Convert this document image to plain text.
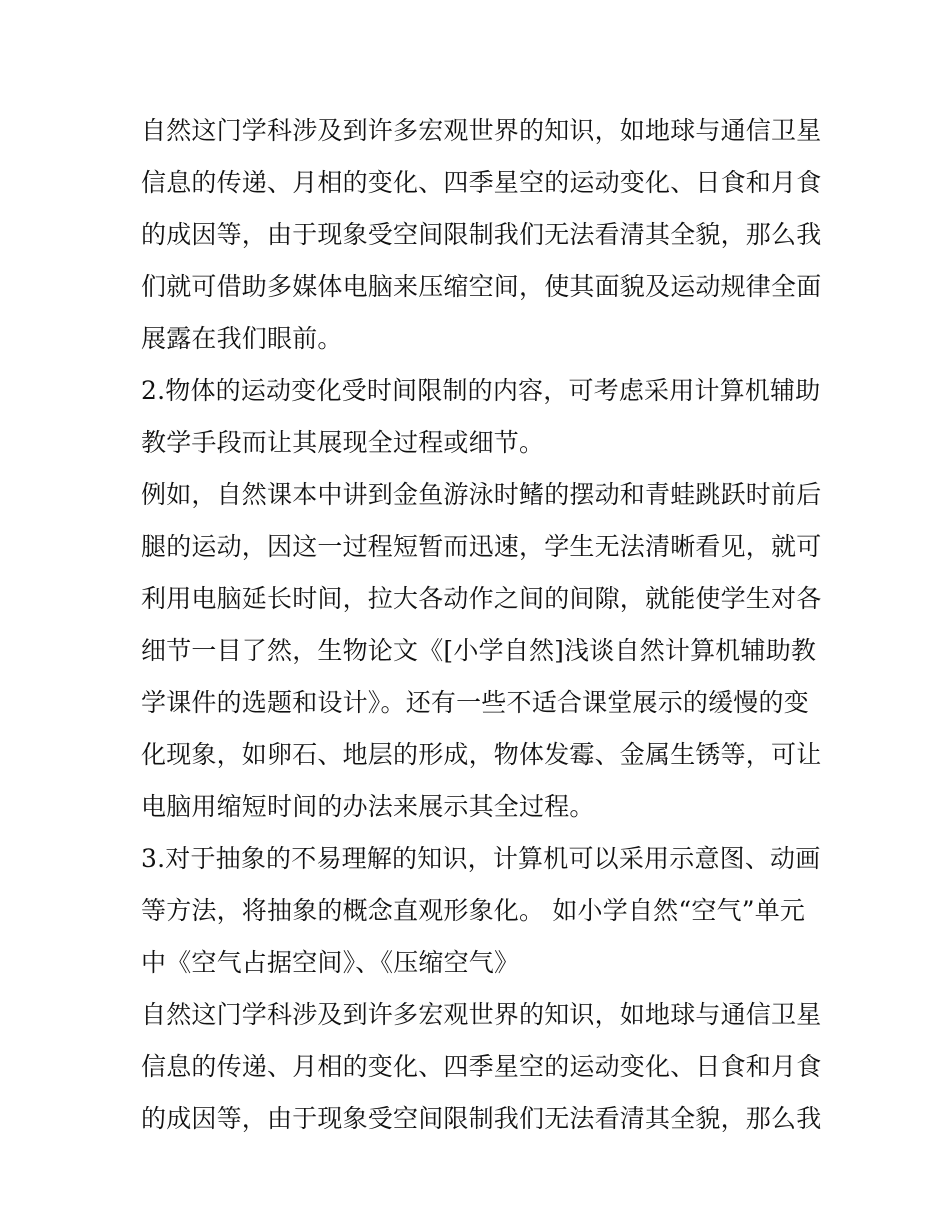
自然这门学科涉及到许多宏观世界的知识，如地球与通信卫星
信息的传递、月相的变化、四季星空的运动变化、日食和月食
的成因等，由于现象受空间限制我们无法看清其全貌，那么我
们就可借助多媒体电脑来压缩空间，使其面貌及运动规律全面
展露在我们眼前。
2.物体的运动变化受时间限制的内容，可考虑采用计算机辅助
教学手段而让其展现全过程或细节。
例如，自然课本中讲到金鱼游泳时鳍的摆动和青蛙跳跃时前后
腿的运动，因这一过程短暂而迅速，学生无法清晰看见，就可
利用电脑延长时间，拉大各动作之间的间隙，就能使学生对各
细节一目了然，生物论文《[小学自然]浅谈自然计算机辅助教
学课件的选题和设计》。还有一些不适合课堂展示的缓慢的变
化现象，如卵石、地层的形成，物体发霉、金属生锈等，可让
电脑用缩短时间的办法来展示其全过程。
3.对于抽象的不易理解的知识，计算机可以采用示意图、动画
等方法，将抽象的概念直观形象化。 如小学自然“空气”单元
中《空气占据空间》、《压缩空气》
自然这门学科涉及到许多宏观世界的知识，如地球与通信卫星
信息的传递、月相的变化、四季星空的运动变化、日食和月食
的成因等，由于现象受空间限制我们无法看清其全貌，那么我
